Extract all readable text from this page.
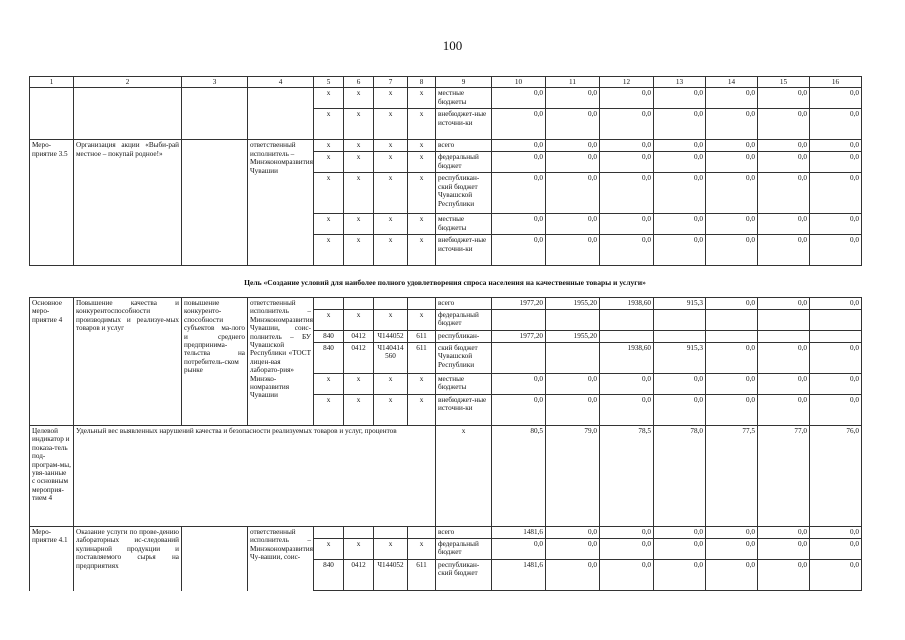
100
1	2	3	4	5	6	7	8	9	10	11	12	13	14	15	16
				х	х	х	х	местные бюджеты	0,0	0,0	0,0	0,0	0,0	0,0	0,0
				х	х	х	х	внебюджет-ные источни-ки	0,0	0,0	0,0	0,0	0,0	0,0	0,0
Меро-приятие 3.5	Организация акции «Выби-рай местное – покупай родное!»		ответственный исполнитель – Минэкономразвития Чувашии	х	х	х	х	всего	0,0	0,0	0,0	0,0	0,0	0,0	0,0
				х	х	х	х	федеральный бюджет	0,0	0,0	0,0	0,0	0,0	0,0	0,0
				х	х	х	х	республикан-ский бюджет Чувашской Республики	0,0	0,0	0,0	0,0	0,0	0,0	0,0
				х	х	х	х	местные бюджеты	0,0	0,0	0,0	0,0	0,0	0,0	0,0
				х	х	х	х	внебюджет-ные источни-ки	0,0	0,0	0,0	0,0	0,0	0,0	0,0
Цель «Создание условий для наиболее полного удовлетворения спроса населения на качественные товары и услуги»
Основное меро-приятие 4	Повышение качества и конкурентоспособности производимых и реализуе-мых товаров и услуг	повышение конкуренто-способности субъектов ма-лого и среднего предпринима-тельства на потребитель-ском рынке	ответственный исполнитель – Минэкономразвития Чувашии, соис-полнитель – БУ Чувашской Республики «ТОСТ лицен-вая лаборато-рия» Минэко-номразвития Чувашии					всего	1977,20	1955,20	1938,60	915,3	0,0	0,0	0,0
				х	х	х	х	федеральный бюджет							
				840	0412	Ч144052	611	республикан-	1977,20	1955,20					
				840	0412	Ч140414 560	611	ский бюджет Чувашской Республики			1938,60	915,3	0,0	0,0	0,0
				х	х	х	х	местные бюджеты	0,0	0,0	0,0	0,0	0,0	0,0	0,0
				х	х	х	х	внебюджет-ные источни-ки	0,0	0,0	0,0	0,0	0,0	0,0	0,0
Целевой индикатор и показа-тель под-програм-мы, увя-занные с основным мероприя-тием 4	Удельный вес выявленных нарушений качества и безопасности реализуемых товаров и услуг, процентов							х	80,5	79,0	78,5	78,0	77,5	77,0	76,0
Меро-приятие 4.1	Оказание услуги по прове-дению лабораторных ис-следований кулинарной продукции и поставляемого сырья на предприятиях		ответственный исполнитель – Минэкономразвития Чу-вашии, соис-					всего	1481,6	0,0	0,0	0,0	0,0	0,0	0,0
				х	х	х	х	федеральный бюджет	0,0	0,0	0,0	0,0	0,0	0,0	0,0
				840	0412	Ч144052	611	республикан-ский бюджет	1481,6	0,0	0,0	0,0	0,0	0,0	0,0
